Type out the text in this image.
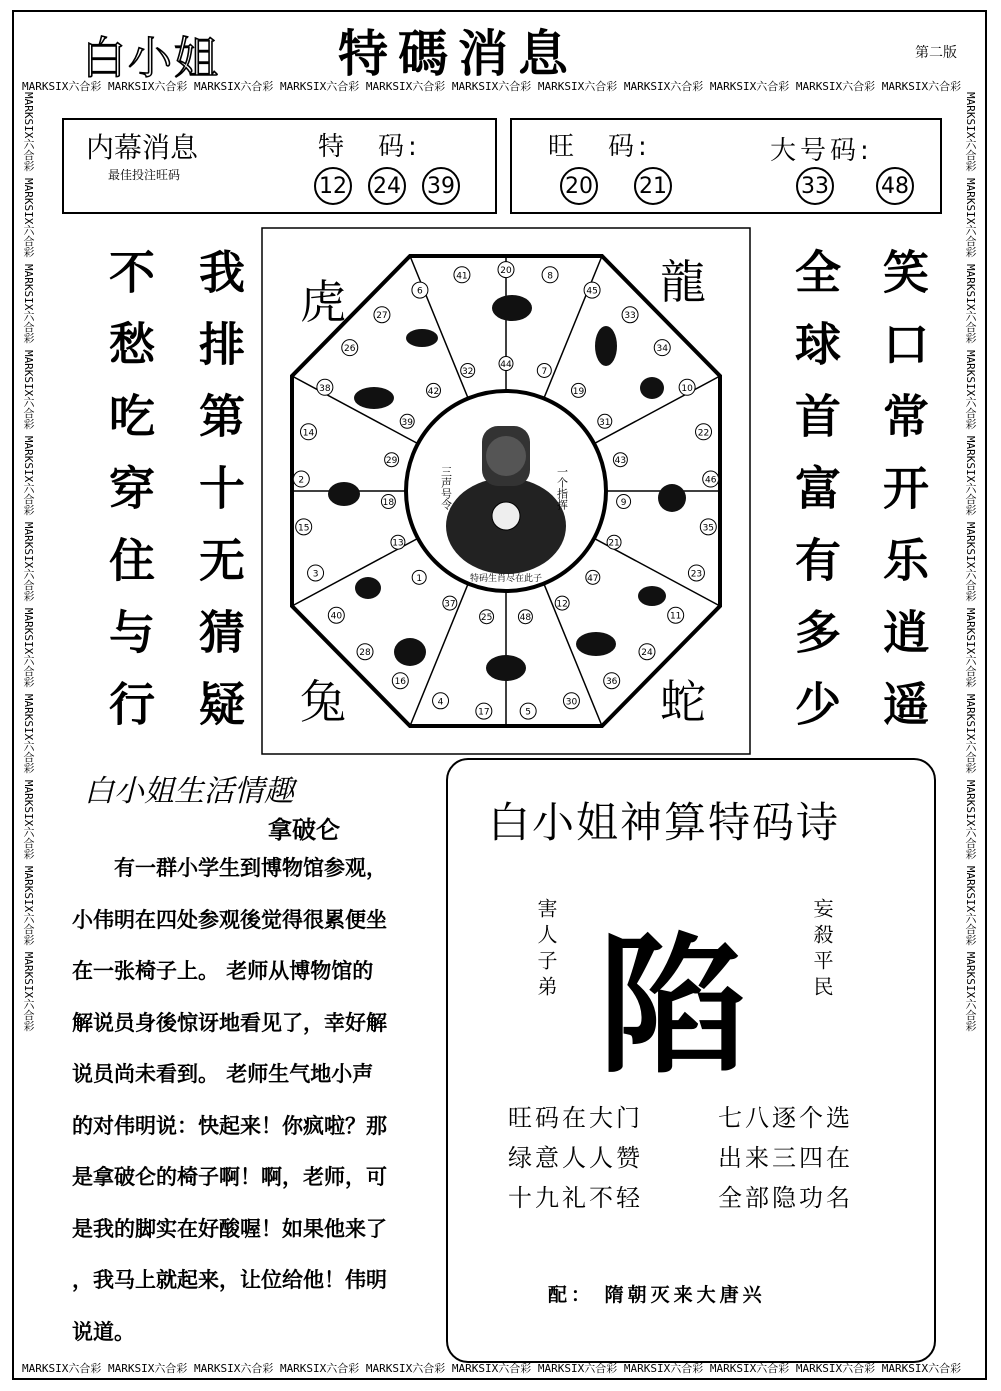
白小姐 特碼消息	第二版
MARKSIX六合彩 MARKSIX六合彩 MARKSIX六合彩 MARKSIX六合彩 MARKSIX六合彩 MARKSIX六合彩 MARKSIX六合彩 MARKSIX六合彩 MARKSIX六合彩 MARKSIX六合彩 MARKSIX六合彩
MARKSIX六合彩 MARKSIX六合彩 MARKSIX六合彩 MARKSIX六合彩 MARKSIX六合彩 MARKSIX六合彩 MARKSIX六合彩 MARKSIX六合彩 MARKSIX六合彩 MARKSIX六合彩 MARKSIX六合彩
MARKSIX六合彩 MARKSIX六合彩 MARKSIX六合彩 MARKSIX六合彩 MARKSIX六合彩 MARKSIX六合彩 MARKSIX六合彩 MARKSIX六合彩 MARKSIX六合彩 MARKSIX六合彩 MARKSIX六合彩	MARKSIX六合彩 MARKSIX六合彩 MARKSIX六合彩 MARKSIX六合彩 MARKSIX六合彩 MARKSIX六合彩 MARKSIX六合彩 MARKSIX六合彩 MARKSIX六合彩 MARKSIX六合彩 MARKSIX六合彩
内幕消息
最佳投注旺码
特　码:
12 24 39
旺　码:
20 21
大号码:
33 48
不愁吃穿住与行 我排第十无猜疑	全球首富有多少 笑口常开乐逍遥
三声号令	一个指挥
特码生肖尽在此子
20
8
45
33
34
10
22
46
35
23
11
24
36
30
5
17
4
16
28
40
3
15
2
14
38
26
27
6
41
44
7
19
31
43
9
21
47
12
48
25
37
1
13
18
29
39
42
32
龍
虎
蛇
兔
白小姐生活情趣
拿破仑
　　有一群小学生到博物馆参观，
小伟明在四处参观後觉得很累便坐
在一张椅子上。 老师从博物馆的
解说员身後惊讶地看见了，幸好解
说员尚未看到。 老师生气地小声
的对伟明说：快起来！你疯啦？那
是拿破仑的椅子啊！啊，老师，可
是我的脚实在好酸喔！如果他来了
，我马上就起来，让位给他！伟明
说道。
白小姐神算特码诗
害人子弟	妄殺平民
陷
旺码在大门
绿意人人赞
十九礼不轻
七八逐个选
出来三四在
全部隐功名
配： 隋朝灭来大唐兴
